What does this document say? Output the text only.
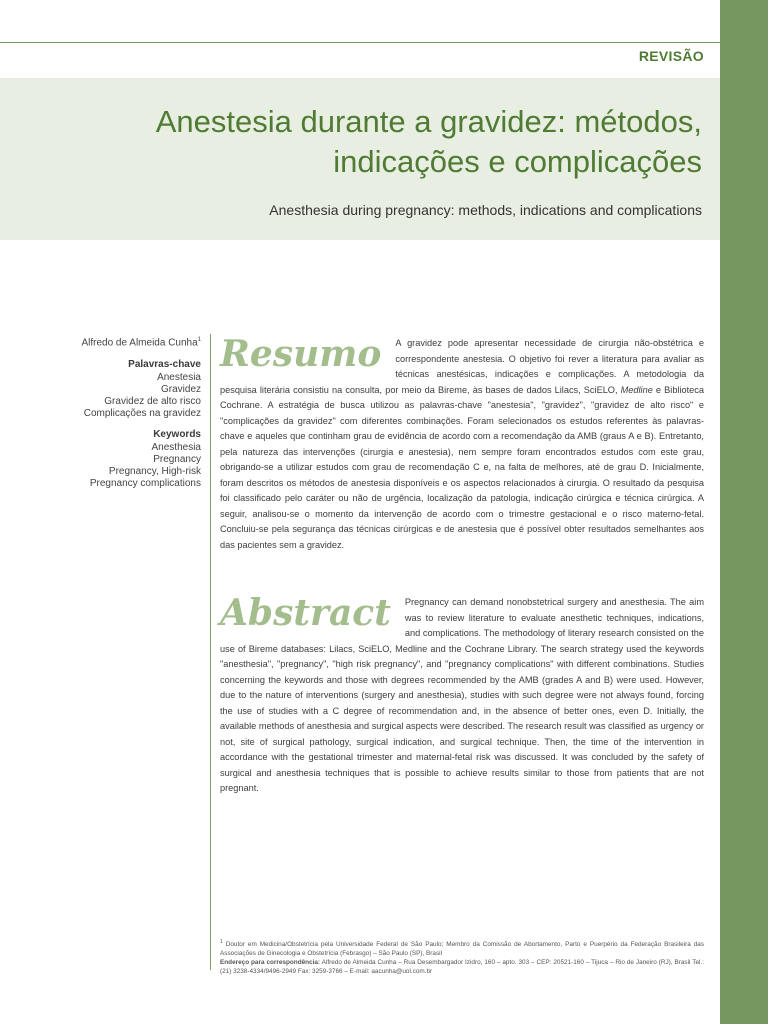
REVISÃO
Anestesia durante a gravidez: métodos, indicações e complicações
Anesthesia during pregnancy: methods, indications and complications
Alfredo de Almeida Cunha$^1$
Palavras-chave
Anestesia
Gravidez
Gravidez de alto risco
Complicações na gravidez
Keywords
Anesthesia
Pregnancy
Pregnancy, High-risk
Pregnancy complications
Resumo A gravidez pode apresentar necessidade de cirurgia não-obstétrica e correspondente anestesia. O objetivo foi rever a literatura para avaliar as técnicas anestésicas, indicações e complicações. A metodologia da pesquisa literária consistiu na consulta, por meio da Bireme, às bases de dados Lilacs, SciELO, Medline e Biblioteca Cochrane. A estratégia de busca utilizou as palavras-chave "anestesia", "gravidez", "gravidez de alto risco" e "complicações da gravidez" com diferentes combinações. Foram selecionados os estudos referentes às palavras-chave e aqueles que continham grau de evidência de acordo com a recomendação da AMB (graus A e B). Entretanto, pela natureza das intervenções (cirurgia e anestesia), nem sempre foram encontrados estudos com este grau, obrigando-se a utilizar estudos com grau de recomendação C e, na falta de melhores, até de grau D. Inicialmente, foram descritos os métodos de anestesia disponíveis e os aspectos relacionados à cirurgia. O resultado da pesquisa foi classificado pelo caráter ou não de urgência, localização da patologia, indicação cirúrgica e técnica cirúrgica. A seguir, analisou-se o momento da intervenção de acordo com o trimestre gestacional e o risco materno-fetal. Concluiu-se pela segurança das técnicas cirúrgicas e de anestesia que é possível obter resultados semelhantes aos das pacientes sem a gravidez.
Abstract Pregnancy can demand nonobstetrical surgery and anesthesia. The aim was to review literature to evaluate anesthetic techniques, indications, and complications. The methodology of literary research consisted on the use of Bireme databases: Lilacs, SciELO, Medline and the Cochrane Library. The search strategy used the keywords "anesthesia", "pregnancy", "high risk pregnancy", and "pregnancy complications" with different combinations. Studies concerning the keywords and those with degrees recommended by the AMB (grades A and B) were used. However, due to the nature of interventions (surgery and anesthesia), studies with such degree were not always found, forcing the use of studies with a C degree of recommendation and, in the absence of better ones, even D. Initially, the available methods of anesthesia and surgical aspects were described. The research result was classified as urgency or not, site of surgical pathology, surgical indication, and surgical technique. Then, the time of the intervention in accordance with the gestational trimester and maternal-fetal risk was discussed. It was concluded by the safety of surgical and anesthesia techniques that is possible to achieve results similar to those from patients that are not pregnant.
$^1$ Doutor em Medicina/Obstetrícia pela Universidade Federal de São Paulo; Membro da Comissão de Abortamento, Parto e Puerpério da Federação Brasileira das Associações de Ginecologia e Obstetrícia (Febrasgo) – São Paulo (SP), Brasil
Endereço para correspondência: Alfredo de Almeida Cunha – Rua Desembargador Izidro, 160 – apto. 303 – CEP: 20521-160 – Tijuca – Rio de Janeiro (RJ), Brasil Tel.: (21) 3238-4334/9496-2949 Fax: 3259-3766 – E-mail: aacunha@uol.com.br
